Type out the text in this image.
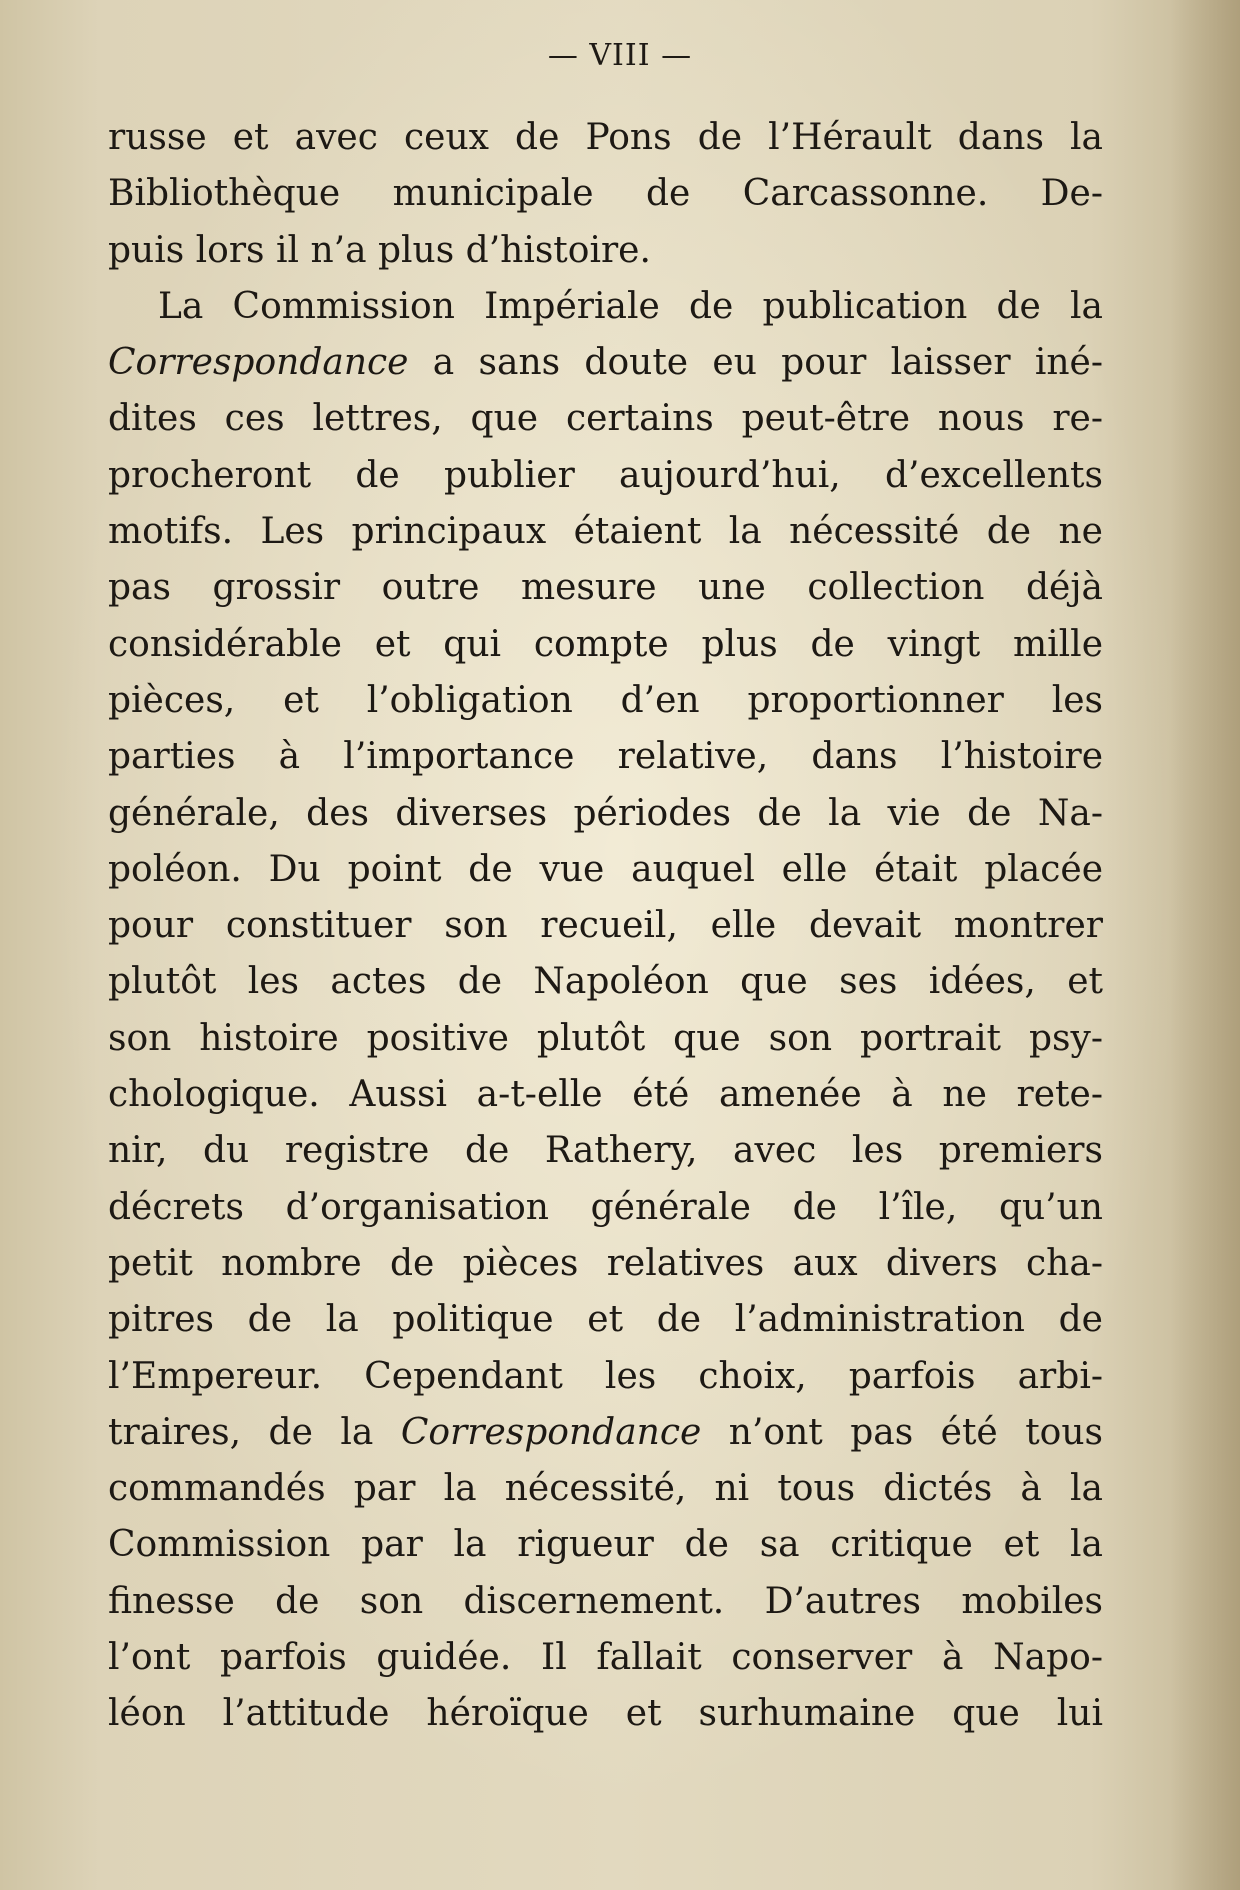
— VIII —
russe et avec ceux de Pons de l’Hérault dans la
Bibliothèque municipale de Carcassonne. De-
puis lors il n’a plus d’histoire.
La Commission Impériale de publication de la
Correspondance a sans doute eu pour laisser iné-
dites ces lettres, que certains peut-être nous re-
procheront de publier aujourd’hui, d’excellents
motifs. Les principaux étaient la nécessité de ne
pas grossir outre mesure une collection déjà
considérable et qui compte plus de vingt mille
pièces, et l’obligation d’en proportionner les
parties à l’importance relative, dans l’histoire
générale, des diverses périodes de la vie de Na-
poléon. Du point de vue auquel elle était placée
pour constituer son recueil, elle devait montrer
plutôt les actes de Napoléon que ses idées, et
son histoire positive plutôt que son portrait psy-
chologique. Aussi a-t-elle été amenée à ne rete-
nir, du registre de Rathery, avec les premiers
décrets d’organisation générale de l’île, qu’un
petit nombre de pièces relatives aux divers cha-
pitres de la politique et de l’administration de
l’Empereur. Cependant les choix, parfois arbi-
traires, de la Correspondance n’ont pas été tous
commandés par la nécessité, ni tous dictés à la
Commission par la rigueur de sa critique et la
finesse de son discernement. D’autres mobiles
l’ont parfois guidée. Il fallait conserver à Napo-
léon l’attitude héroïque et surhumaine que lui
